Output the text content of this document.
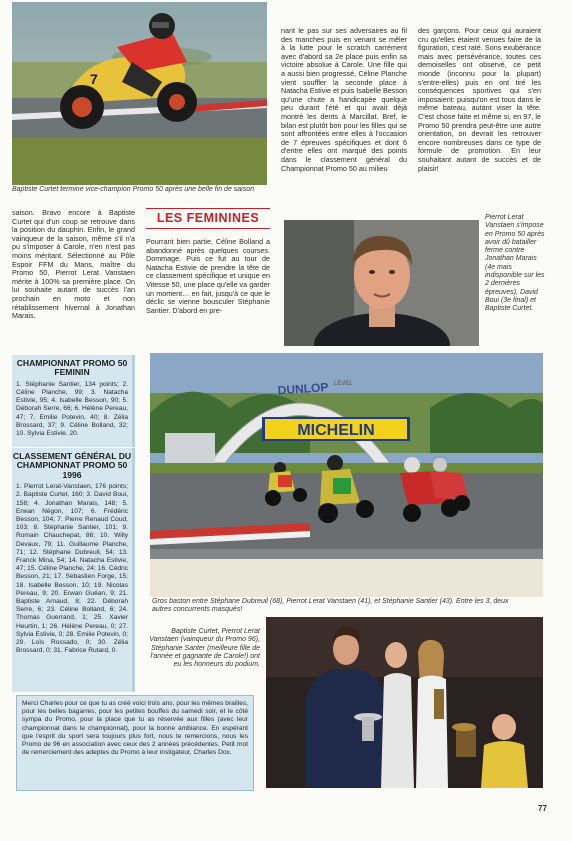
7
Baptiste Curtet termine vice-champion Promo 50 après une belle fin de saison
saison. Bravo encore à Baptiste Curtet qui d'un coup se retrouve dans la position du dauphin. Enfin, le grand vainqueur de la saison, même s'il n'a pu s'imposer à Carole, n'en n'est pas moins méritant. Sélectionné au Pôle Espoir FFM du Mans, maître du Promo 50, Pierrot Lerat Vanstaen mérite à 100% sa première place. On lui souhaite autant de succès l'an prochain en moto et non rétablissement hivernal à Jonathan Marais.
LES FEMININES
Pourrant bien partie, Céline Bolland a abandonné après quelques courses. Dommage. Puis ce fut au tour de Natacha Estivie de prendre la tête de ce classement spécifique et unique en Vitesse 50, une place qu'elle va garder un moment… en fait, jusqu'à ce que le déclic se vienne bousculer Stéphanie Santier. D'abord en pre-
nant le pas sur ses adversaires au fil des manches puis en venant se mêler à la lutte pour le scratch carrément avec d'abord sa 2e place puis enfin sa victoire absolue à Carole. Une fille qui a aussi bien progressé, Céline Planche vient souffler la seconde place à Natacha Estivie et puis Isabelle Besson qu'une chute a handicapée quelque peu durant l'été et qui avait déjà montré les dents à Marcillat. Bref, le bilan est plutôt bon pour les filles qui se sont affrontées entre elles à l'occasion de 7 épreuves spécifiques et dont 6 d'entre elles ont marqué des points dans le classement général du Championnat Promo 50 au milieu
des garçons. Pour ceux qui auraient cru qu'elles étaient venues faire de la figuration, c'est raté. Sons exubérance mais avec persévérance, toutes ces demoiselles ont observé, ce petit monde (inconnu pour la plupart) s'entre-elles) puis en ont tiré les conséquences sportives qui s'en imposaient: puisqu'on est tous dans le même bateau, autant viser la tête. C'est chose faite et même si, en 97, le Promo 50 prendra peut-être une autre orientation, on devrait les retrouver encore nombreuses dans ce type de formule de promotion. En leur souhaitant autant de succès et de plaisir!
Pierrot Lerat Vanstaen s'impose en Promo 50 après avoir dû batailler ferme contre Jonathan Marais (4e mais indisponible sur les 2 dernières épreuves), David Boui (3e final) et Baptiste Curtet.
CHAMPIONNAT PROMO 50 FEMININ
1. Stéphanie Santier, 134 points; 2. Céline Planche, 99; 3. Natacha Estivie, 95; 4. Isabelle Besson, 90; 5. Déborah Serre, 66; 6. Hélène Pereau, 47; 7. Emilie Potevin, 40; 8. Zélia Brossard, 37; 9. Céline Bolland, 32; 10. Sylvia Estivie, 20.
CLASSEMENT GÉNÉRAL DU CHAMPIONNAT PROMO 50 1996
1. Pierrot Lerat-Vanstaen, 176 points; 2. Baptiste Curtet, 160; 3. David Boui, 158; 4. Jonathan Marais, 148; 5. Erwan Négon, 107; 6. Frédéric Besson, 104; 7. Pierre Renaud Coud, 103; 8. Stéphanie Santier, 101; 9. Romain Chauchepat, 86; 10. Willy Devaux, 79; 11. Guillaume Planche, 71; 12. Stéphane Dubreuil, 54; 13. Franck Mina, 54; 14. Natacha Estivie, 47; 15. Céline Planche, 24; 16. Cédric Besson, 21; 17. Sébastien Forge, 15; 18. Isabelle Besson, 10; 19. Nicolas Pereau, 9; 20. Erwan Guéan, 9; 21. Baptiste Arnaud, 8; 22. Déborah Serre, 6; 23. Céline Bolland, 6; 24. Thomas Guerrand, 1; 25. Xavier Heurtin, 1; 26. Hélène Pereau, 0; 27. Sylvia Estivie, 0; 28. Emilie Potevin, 0; 29. Loïs Rossado, 0; 30. Zélia Brossard, 0; 31. Fabrice Rutard, 0.
DUNLOP
MICHELIN
LEVEL
Gros baston entre Stéphane Dubreuil (68), Pierrot Lerat Vanstaen (41), et Stéphanie Santier (43). Entre les 3, deux autres concurrents masqués!
Baptiste Curtet, Pierrot Lerat Vanstaen (vainqueur du Promo 96), Stéphanie Santer (meilleure fille de l'année et gagnante de Carole!) ont eu les honneurs du podium.
Merci Charles pour ce que tu as créé voici trois ans, pour les mêmes brailles, pour les belles bagarres, pour les petites bouffes du samedi soir, et le côté sympa du Promo, pour la place que tu as réservée aux filles (avec leur championnat dans le championnat), pour la bonne ambiance. En espérant que l'esprit du sport sera toujours plus fort, nous te remercions, nous les Promo de 96 en association avec ceux des 2 années précédentes. Petit mot de remerciement des adeptes du Promo à leur instigateur, Charles Dox.
77
